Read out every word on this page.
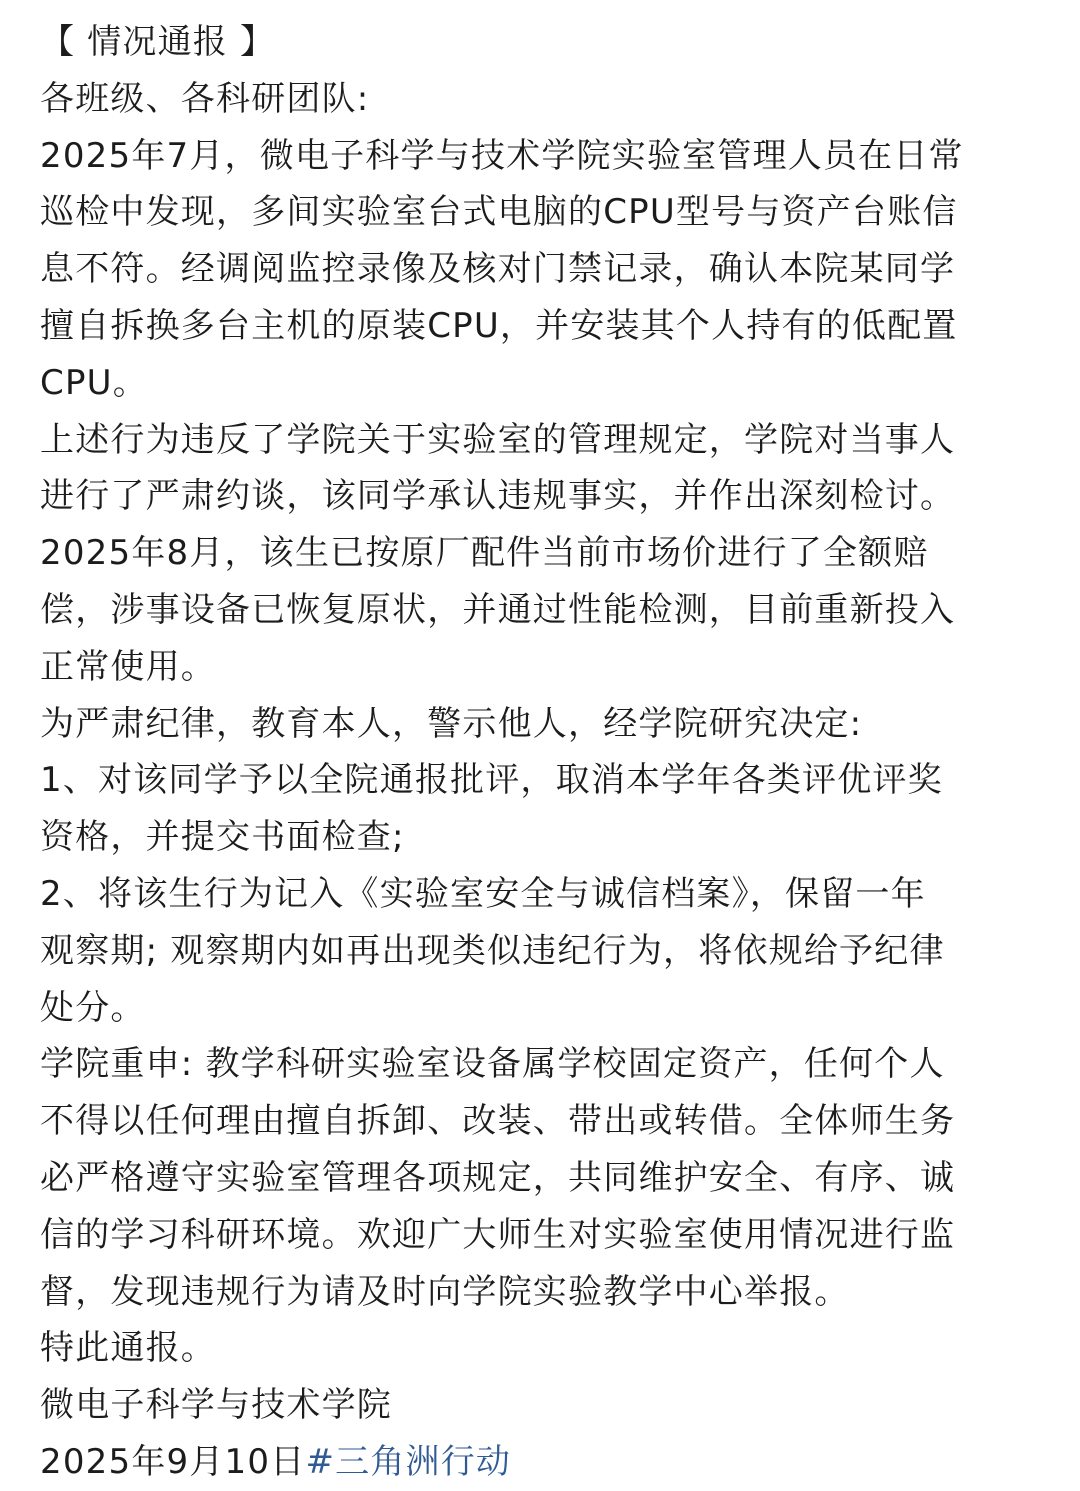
【 情况通报 】

各班级、各科研团队:

2025年7月，微电子科学与技术学院实验室管理人员在日常
巡检中发现，多间实验室台式电脑的CPU型号与资产台账信
息不符。经调阅监控录像及核对门禁记录，确认本院某同学
擅自拆换多台主机的原装CPU，并安装其个人持有的低配置
CPU。

上述行为违反了学院关于实验室的管理规定，学院对当事人
进行了严肃约谈，该同学承认违规事实，并作出深刻检讨。

2025年8月，该生已按原厂配件当前市场价进行了全额赔
偿，涉事设备已恢复原状，并通过性能检测，目前重新投入
正常使用。

为严肃纪律，教育本人，警示他人，经学院研究决定:

1、对该同学予以全院通报批评，取消本学年各类评优评奖
资格，并提交书面检查;

2、将该生行为记入《实验室安全与诚信档案》，保留一年
观察期; 观察期内如再出现类似违纪行为，将依规给予纪律
处分。

学院重申: 教学科研实验室设备属学校固定资产，任何个人
不得以任何理由擅自拆卸、改装、带出或转借。全体师生务
必严格遵守实验室管理各项规定，共同维护安全、有序、诚
信的学习科研环境。欢迎广大师生对实验室使用情况进行监
督，发现违规行为请及时向学院实验教学中心举报。

特此通报。

微电子科学与技术学院

2025年9月10日#三角洲行动
